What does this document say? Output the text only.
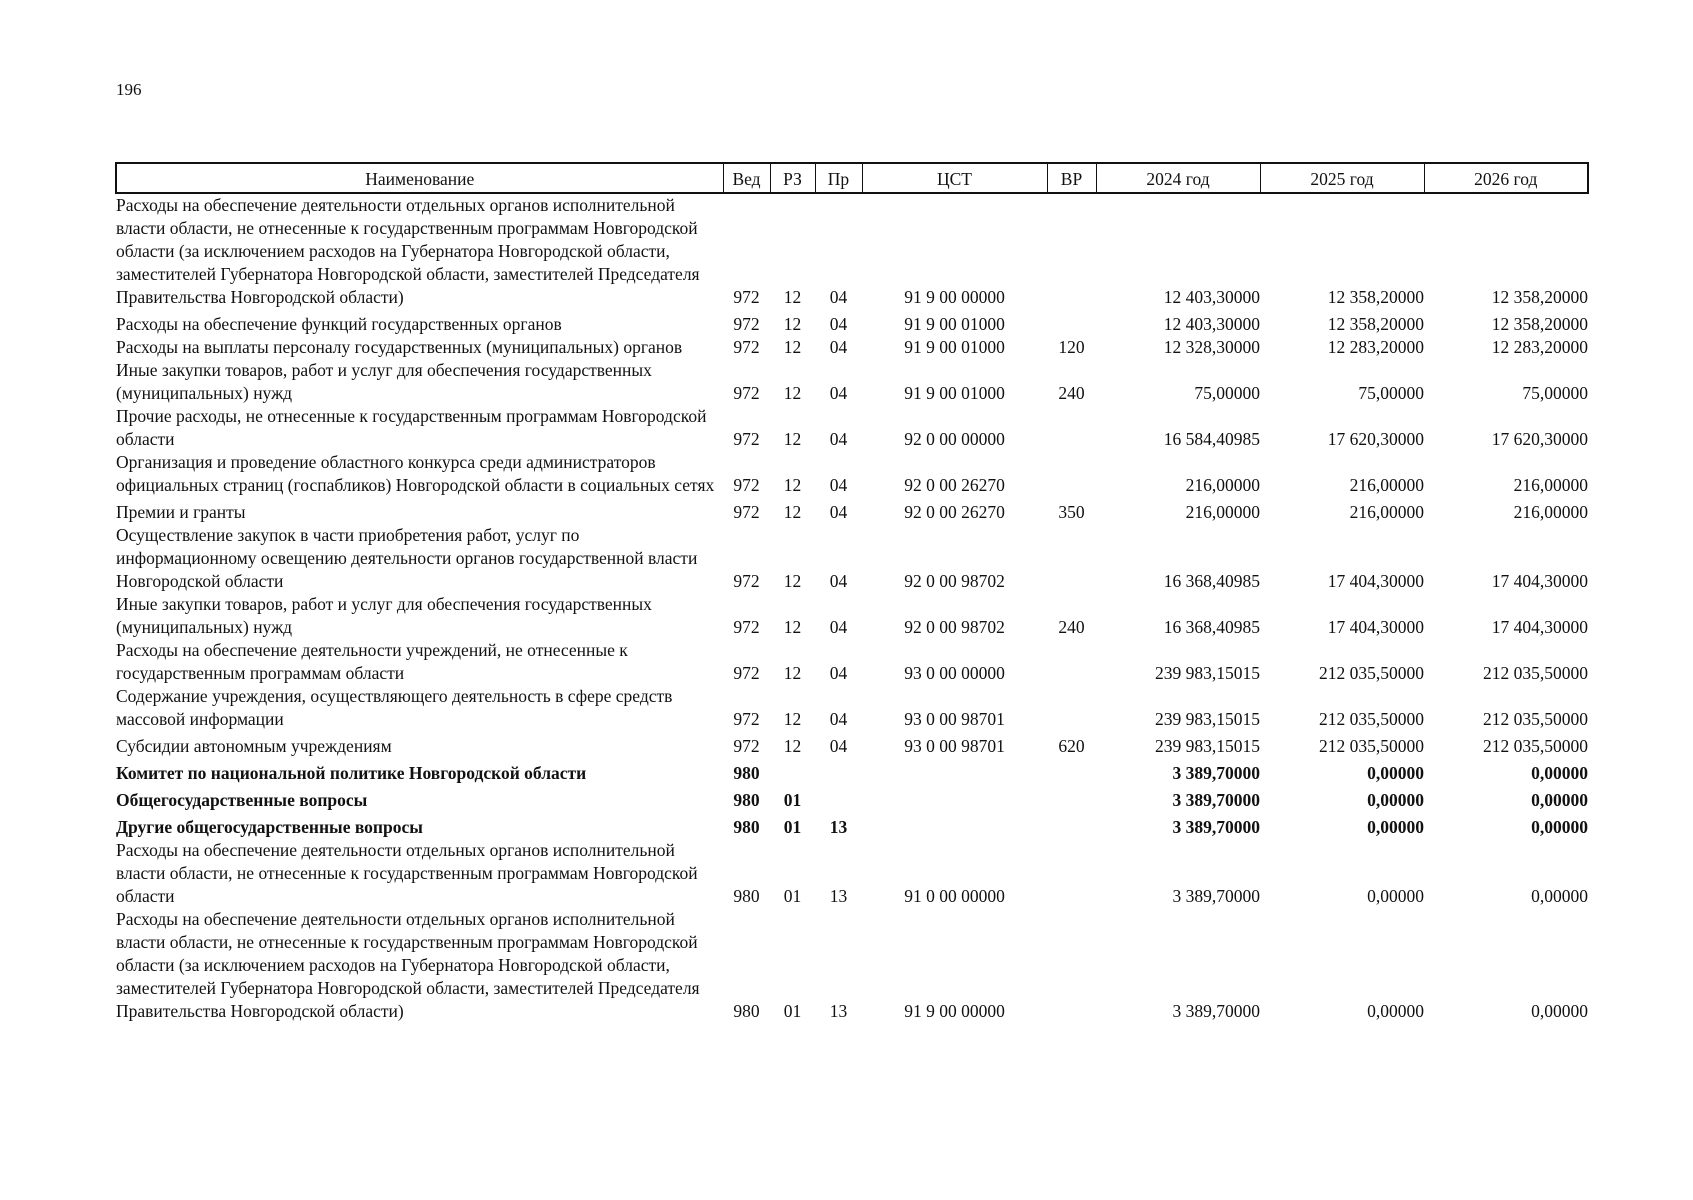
196
Наименование	Вед	РЗ	Пр	ЦСТ	ВР	2024 год	2025 год	2026 год
Расходы на обеспечение деятельности отдельных органов исполнительной власти области, не отнесенные к государственным программам Новгородской области (за исключением расходов на Губернатора Новгородской области, заместителей Губернатора Новгородской области, заместителей Председателя Правительства Новгородской области)	972	12	04	91 9 00 00000		12 403,30000	12 358,20000	12 358,20000
Расходы на обеспечение функций государственных органов	972	12	04	91 9 00 01000		12 403,30000	12 358,20000	12 358,20000
Расходы на выплаты персоналу государственных (муниципальных) органов	972	12	04	91 9 00 01000	120	12 328,30000	12 283,20000	12 283,20000
Иные закупки товаров, работ и услуг для обеспечения государственных (муниципальных) нужд	972	12	04	91 9 00 01000	240	75,00000	75,00000	75,00000
Прочие расходы, не отнесенные к государственным программам Новгородской области	972	12	04	92 0 00 00000		16 584,40985	17 620,30000	17 620,30000
Организация и проведение областного конкурса среди администраторов официальных страниц (госпабликов) Новгородской области в социальных сетях	972	12	04	92 0 00 26270		216,00000	216,00000	216,00000
Премии и гранты	972	12	04	92 0 00 26270	350	216,00000	216,00000	216,00000
Осуществление закупок в части приобретения работ, услуг по информационному освещению деятельности органов государственной власти Новгородской области	972	12	04	92 0 00 98702		16 368,40985	17 404,30000	17 404,30000
Иные закупки товаров, работ и услуг для обеспечения государственных (муниципальных) нужд	972	12	04	92 0 00 98702	240	16 368,40985	17 404,30000	17 404,30000
Расходы на обеспечение деятельности учреждений, не отнесенные к государственным программам области	972	12	04	93 0 00 00000		239 983,15015	212 035,50000	212 035,50000
Содержание учреждения, осуществляющего деятельность в сфере средств массовой информации	972	12	04	93 0 00 98701		239 983,15015	212 035,50000	212 035,50000
Субсидии автономным учреждениям	972	12	04	93 0 00 98701	620	239 983,15015	212 035,50000	212 035,50000
Комитет по национальной политике Новгородской области	980					3 389,70000	0,00000	0,00000
Общегосударственные вопросы	980	01				3 389,70000	0,00000	0,00000
Другие общегосударственные вопросы	980	01	13			3 389,70000	0,00000	0,00000
Расходы на обеспечение деятельности отдельных органов исполнительной власти области, не отнесенные к государственным программам Новгородской области	980	01	13	91 0 00 00000		3 389,70000	0,00000	0,00000
Расходы на обеспечение деятельности отдельных органов исполнительной власти области, не отнесенные к государственным программам Новгородской области (за исключением расходов на Губернатора Новгородской области, заместителей Губернатора Новгородской области, заместителей Председателя Правительства Новгородской области)	980	01	13	91 9 00 00000		3 389,70000	0,00000	0,00000
